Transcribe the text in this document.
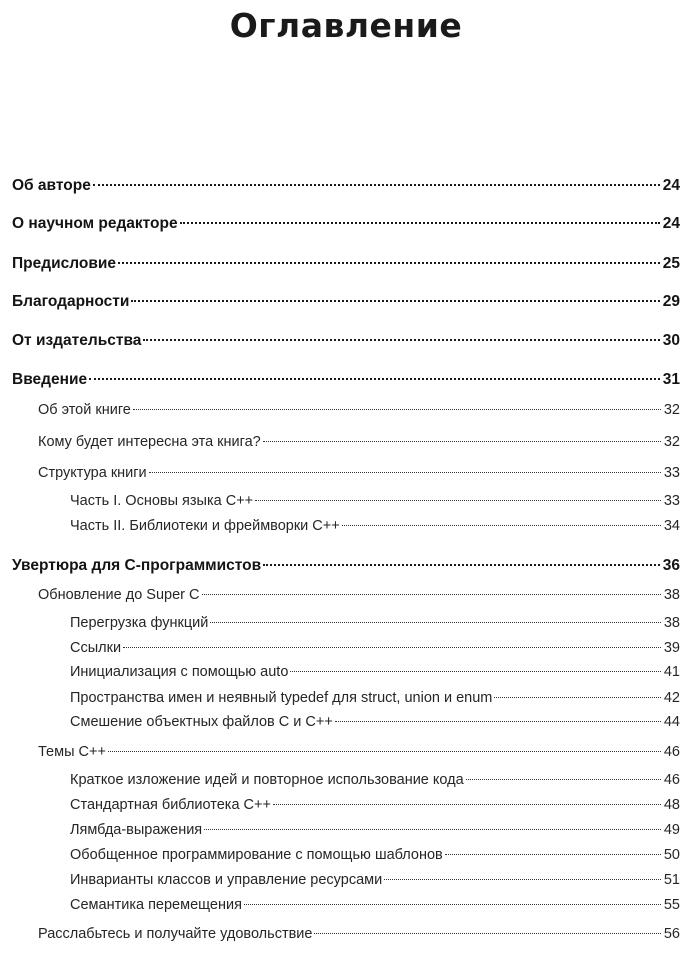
Оглавление
Об авторе	24
О научном редакторе	24
Предисловие	25
Благодарности	29
От издательства	30
Введение	31
Об этой книге	32
Кому будет интересна эта книга?	32
Структура книги	33
Часть I. Основы языка C++	33
Часть II. Библиотеки и фреймворки C++	34
Увертюра для C-программистов	36
Обновление до Super C	38
Перегрузка функций	38
Ссылки	39
Инициализация с помощью auto	41
Пространства имен и неявный typedef для struct, union и enum	42
Смешение объектных файлов C и C++	44
Темы C++	46
Краткое изложение идей и повторное использование кода	46
Стандартная библиотека C++	48
Лямбда-выражения	49
Обобщенное программирование с помощью шаблонов	50
Инварианты классов и управление ресурсами	51
Семантика перемещения	55
Расслабьтесь и получайте удовольствие	56
